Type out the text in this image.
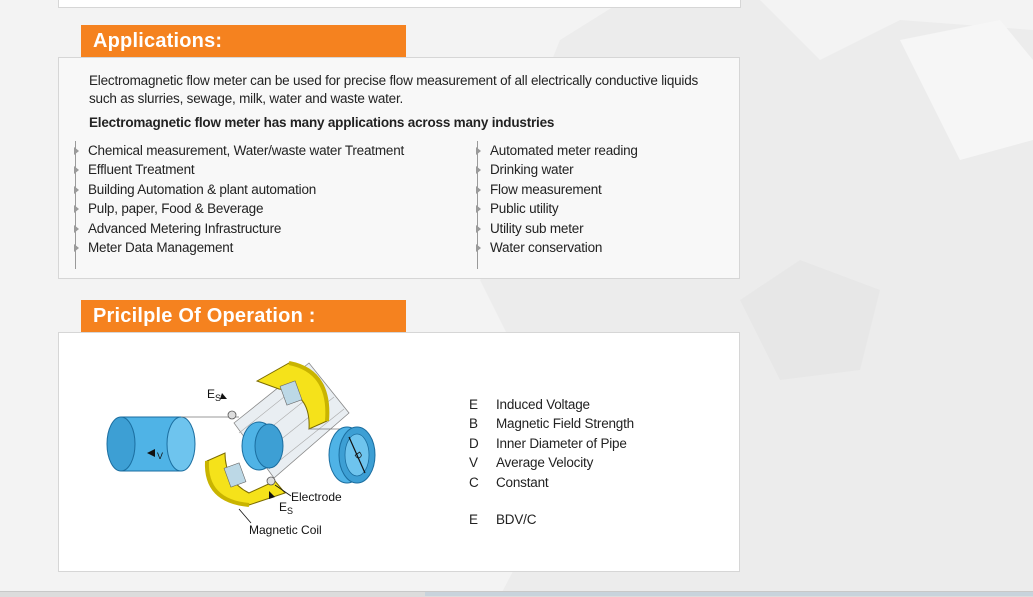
Applications:
Electromagnetic flow meter can be used for precise flow measurement of all electrically conductive liquids such as slurries, sewage, milk, water and waste water.
Electromagnetic flow meter has many applications across many industries
Chemical measurement, Water/waste water Treatment
Effluent Treatment
Building Automation & plant automation
Pulp, paper, Food & Beverage
Advanced Metering Infrastructure
Meter Data Management
Automated meter reading
Drinking water
Flow measurement
Public utility
Utility sub meter
Water conservation
Pricilple Of Operation :
V	D
$E_S$
$E_S$
Electrode
Magnetic Coil
E Induced Voltage
B Magnetic Field Strength
D Inner Diameter of Pipe
V Average Velocity
C Constant
E BDV/C
